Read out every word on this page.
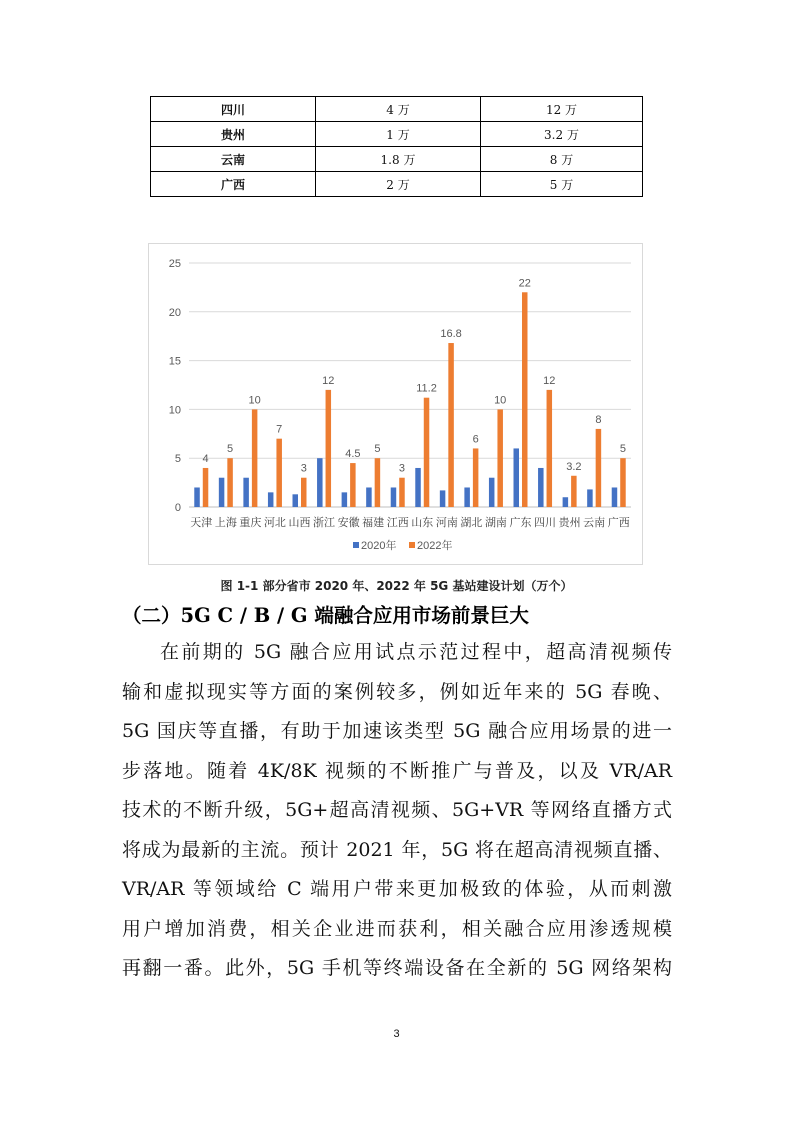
四川	4 万	12 万
贵州	1 万	3.2 万
云南	1.8 万	8 万
广西	2 万	5 万
0
5
10
15
20
25
4
天津
5
上海
10
重庆
7
河北
3
山西
12
浙江
4.5
安徽
5
福建
3
江西
11.2
山东
16.8
河南
6
湖北
10
湖南
22
广东
12
四川
3.2
贵州
8
云南
5
广西
2020年 2022年
图 1-1 部分省市 2020 年、2022 年 5G 基站建设计划（万个）
（二）5G C / B / G 端融合应用市场前景巨大
在前期的 5G 融合应用试点示范过程中，超高清视频传
输和虚拟现实等方面的案例较多，例如近年来的 5G 春晚、
5G 国庆等直播，有助于加速该类型 5G 融合应用场景的进一
步落地。随着 4K/8K 视频的不断推广与普及，以及 VR/AR
技术的不断升级，5G+超高清视频、5G+VR 等网络直播方式
将成为最新的主流。预计 2021 年，5G 将在超高清视频直播、
VR/AR 等领域给 C 端用户带来更加极致的体验，从而刺激
用户增加消费，相关企业进而获利，相关融合应用渗透规模
再翻一番。此外，5G 手机等终端设备在全新的 5G 网络架构
3
